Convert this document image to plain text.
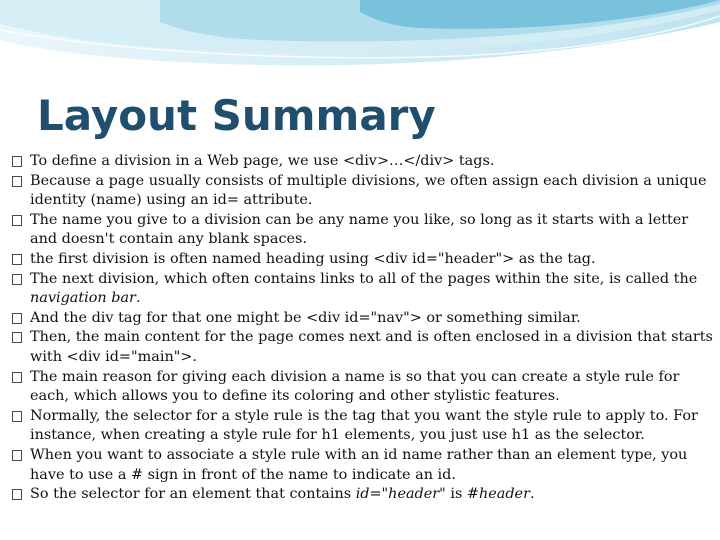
Layout Summary
To define a division in a Web page, we use <div>…</div> tags.
Because a page usually consists of multiple divisions, we often assign each division a unique identity (name) using an id= attribute.
The name you give to a division can be any name you like, so long as it starts with a letter and doesn't contain any blank spaces.
the first division is often named heading using <div id="header"> as the tag.
The next division, which often contains links to all of the pages within the site, is called the navigation bar.
And the div tag for that one might be <div id="nav"> or something similar.
Then, the main content for the page comes next and is often enclosed in a division that starts with <div id="main">.
The main reason for giving each division a name is so that you can create a style rule for each, which allows you to define its coloring and other stylistic features.
Normally, the selector for a style rule is the tag that you want the style rule to apply to. For instance, when creating a style rule for h1 elements, you just use h1 as the selector.
When you want to associate a style rule with an id name rather than an element type, you have to use a # sign in front of the name to indicate an id.
So the selector for an element that contains id="header" is #header.
